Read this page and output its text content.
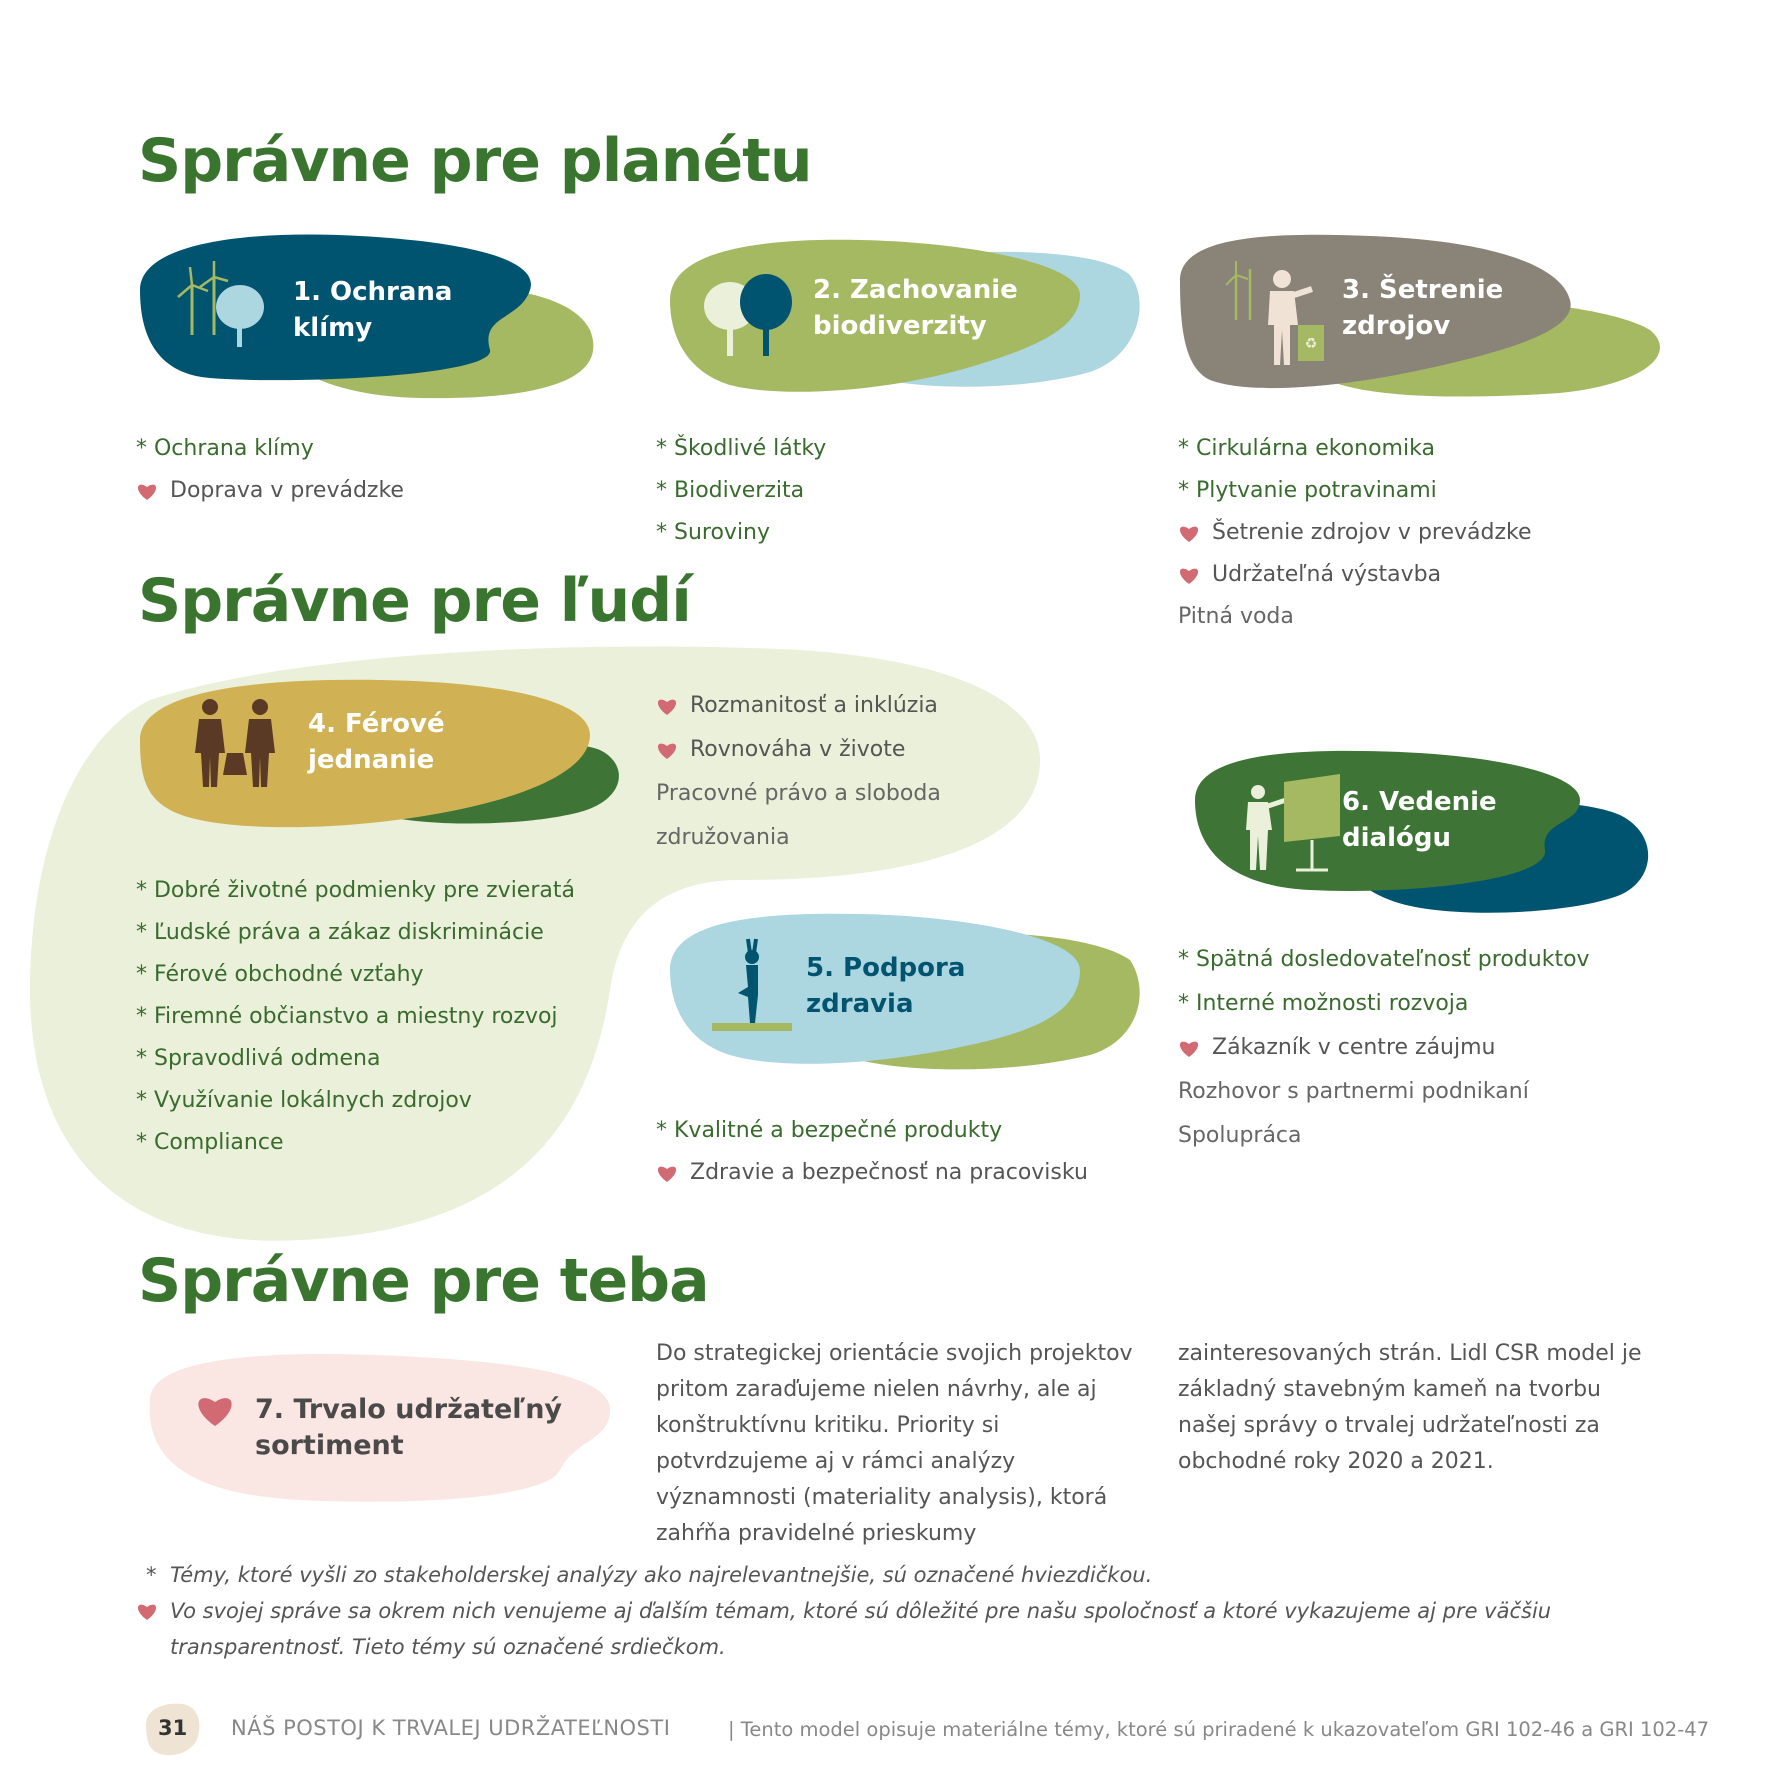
Správne pre planétu
Správne pre ľudí
Správne pre teba
♻
1. Ochrana
klímy
2. Zachovanie
biodiverzity
3. Šetrenie
zdrojov
4. Férové
jednanie
5. Podpora
zdravia
6. Vedenie
dialógu
7. Trvalo udržateľný
sortiment
* Ochrana klímy
Doprava v prevádzke
* Škodlivé látky
* Biodiverzita
* Suroviny
* Cirkulárna ekonomika
* Plytvanie potravinami
Šetrenie zdrojov v prevádzke
Udržateľná výstavba
Pitná voda
Rozmanitosť a inklúzia
Rovnováha v živote
Pracovné právo a sloboda
združovania
* Dobré životné podmienky pre zvieratá
* Ľudské práva a zákaz diskriminácie
* Férové obchodné vzťahy
* Firemné občianstvo a miestny rozvoj
* Spravodlivá odmena
* Využívanie lokálnych zdrojov
* Compliance	* Kvalitné a bezpečné produkty
Zdravie a bezpečnosť na pracovisku
* Spätná dosledovateľnosť produktov
* Interné možnosti rozvoja
Zákazník v centre záujmu
Rozhovor s partnermi podnikaní
Spolupráca
Do strategickej orientácie svojich projektov pritom zaraďujeme nielen návrhy, ale aj konštruktívnu kritiku. Priority si potvrdzujeme aj v rámci analýzy významnosti (materiality analysis), ktorá zahŕňa pravidelné prieskumy
zainteresovaných strán. Lidl CSR model je základný stavebným kameň na tvorbu našej správy o trvalej udržateľnosti za obchodné roky 2020 a 2021.
* Témy, ktoré vyšli zo stakeholderskej analýzy ako najrelevantnejšie, sú označené hviezdičkou.
Vo svojej správe sa okrem nich venujeme aj ďalším témam, ktoré sú dôležité pre našu spoločnosť a ktoré vykazujeme aj pre väčšiu transparentnosť. Tieto témy sú označené srdiečkom.
31 NÁŠ POSTOJ K TRVALEJ UDRŽATEĽNOSTI	| Tento model opisuje materiálne témy, ktoré sú priradené k ukazovateľom GRI 102-46 a GRI 102-47
